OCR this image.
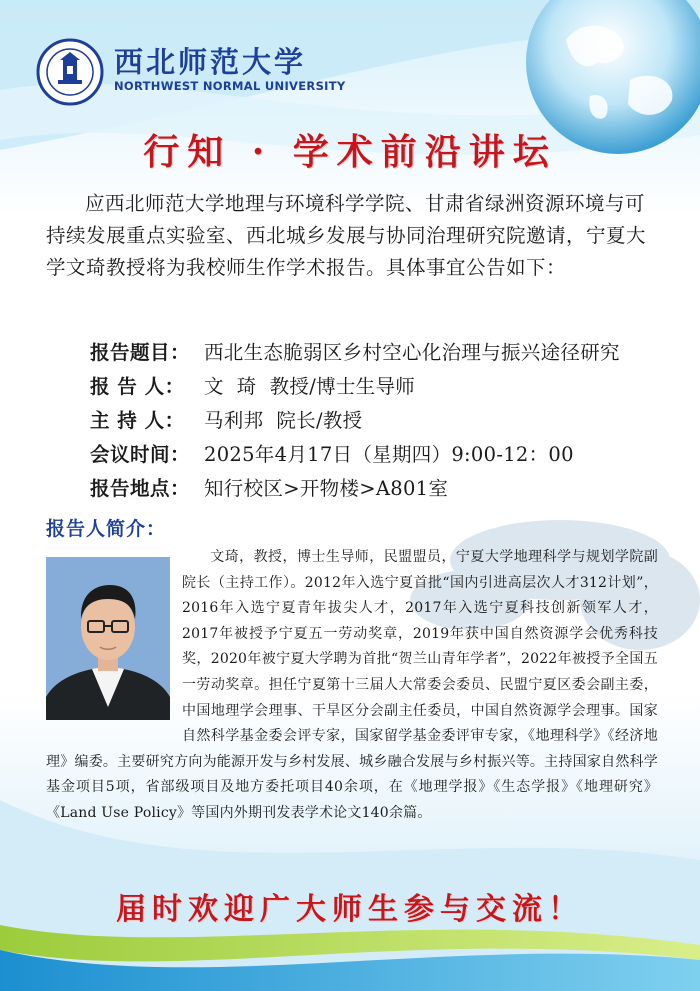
西北师范大学
NORTHWEST NORMAL UNIVERSITY
行知 · 学术前沿讲坛
应西北师范大学地理与环境科学学院、甘肃省绿洲资源环境与可持续发展重点实验室、西北城乡发展与协同治理研究院邀请，宁夏大学文琦教授将为我校师生作学术报告。具体事宜公告如下：
报告题目： 西北生态脆弱区乡村空心化治理与振兴途径研究
报 告 人： 文  琦  教授/博士生导师
主 持 人： 马利邦  院长/教授
会议时间： 2025年4月17日（星期四）9:00-12：00
报告地点： 知行校区>开物楼>A801室
报告人简介：
文琦，教授，博士生导师，民盟盟员，宁夏大学地理科学与规划学院副院长（主持工作）。2012年入选宁夏首批“国内引进高层次人才312计划”，2016年入选宁夏青年拔尖人才，2017年入选宁夏科技创新领军人才，2017年被授予宁夏五一劳动奖章，2019年获中国自然资源学会优秀科技奖，2020年被宁夏大学聘为首批“贺兰山青年学者”，2022年被授予全国五一劳动奖章。担任宁夏第十三届人大常委会委员、民盟宁夏区委会副主委，中国地理学会理事、干旱区分会副主任委员，中国自然资源学会理事。国家自然科学基金委会评专家，国家留学基金委评审专家，《地理科学》《经济地理》编委。主要研究方向为能源开发与乡村发展、城乡融合发展与乡村振兴等。主持国家自然科学基金项目5项，省部级项目及地方委托项目40余项，在《地理学报》《生态学报》《地理研究》《Land Use Policy》等国内外期刊发表学术论文140余篇。
届时欢迎广大师生参与交流！
